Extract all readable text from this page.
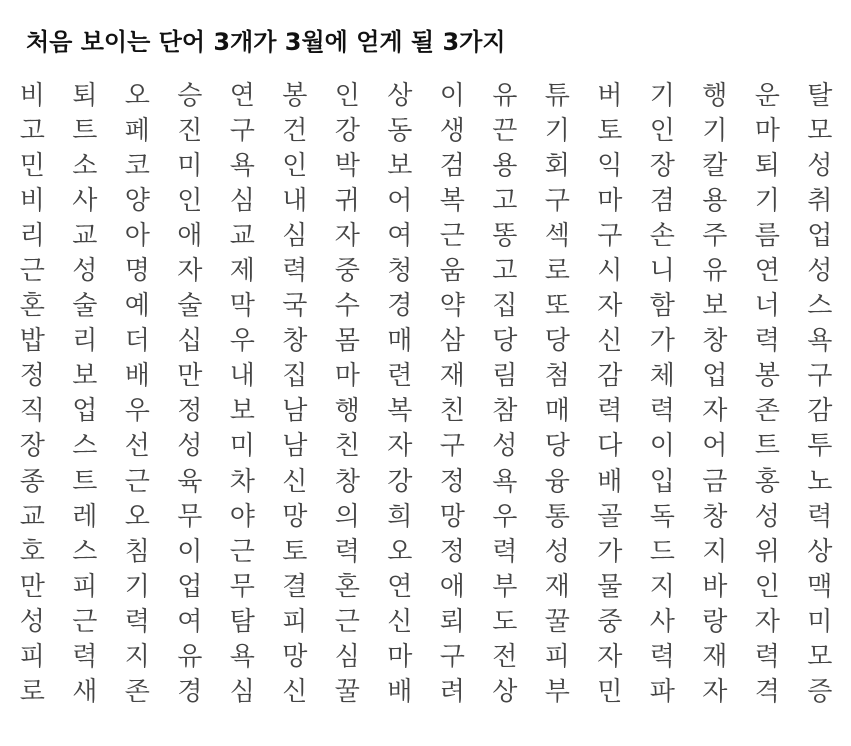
처음 보이는 단어 3개가 3월에 얻게 될 3가지
비	퇴	오	승	연	봉	인	상	이	유	튜	버	기	행	운	탈
고	트	페	진	구	건	강	동	생	끈	기	토	인	기	마	모
민	소	코	미	욕	인	박	보	검	용	회	익	장	칼	퇴	성
비	사	양	인	심	내	귀	어	복	고	구	마	겸	용	기	취
리	교	아	애	교	심	자	여	근	똥	섹	구	손	주	름	업
근	성	명	자	제	력	중	청	움	고	로	시	니	유	연	성
혼	술	예	술	막	국	수	경	약	집	또	자	함	보	너	스
밥	리	더	십	우	창	몸	매	삼	당	당	신	가	창	력	욕
정	보	배	만	내	집	마	련	재	림	첨	감	체	업	봉	구
직	업	우	정	보	남	행	복	친	참	매	력	력	자	존	감
장	스	선	성	미	남	친	자	구	성	당	다	이	어	트	투
종	트	근	육	차	신	창	강	정	욕	융	배	입	금	홍	노
교	레	오	무	야	망	의	희	망	우	통	골	독	창	성	력
호	스	침	이	근	토	력	오	정	력	성	가	드	지	위	상
만	피	기	업	무	결	혼	연	애	부	재	물	지	바	인	맥
성	근	력	여	탐	피	근	신	뢰	도	꿀	중	사	랑	자	미
피	력	지	유	욕	망	심	마	구	전	피	자	력	재	력	모
로	새	존	경	심	신	꿀	배	려	상	부	민	파	자	격	증
